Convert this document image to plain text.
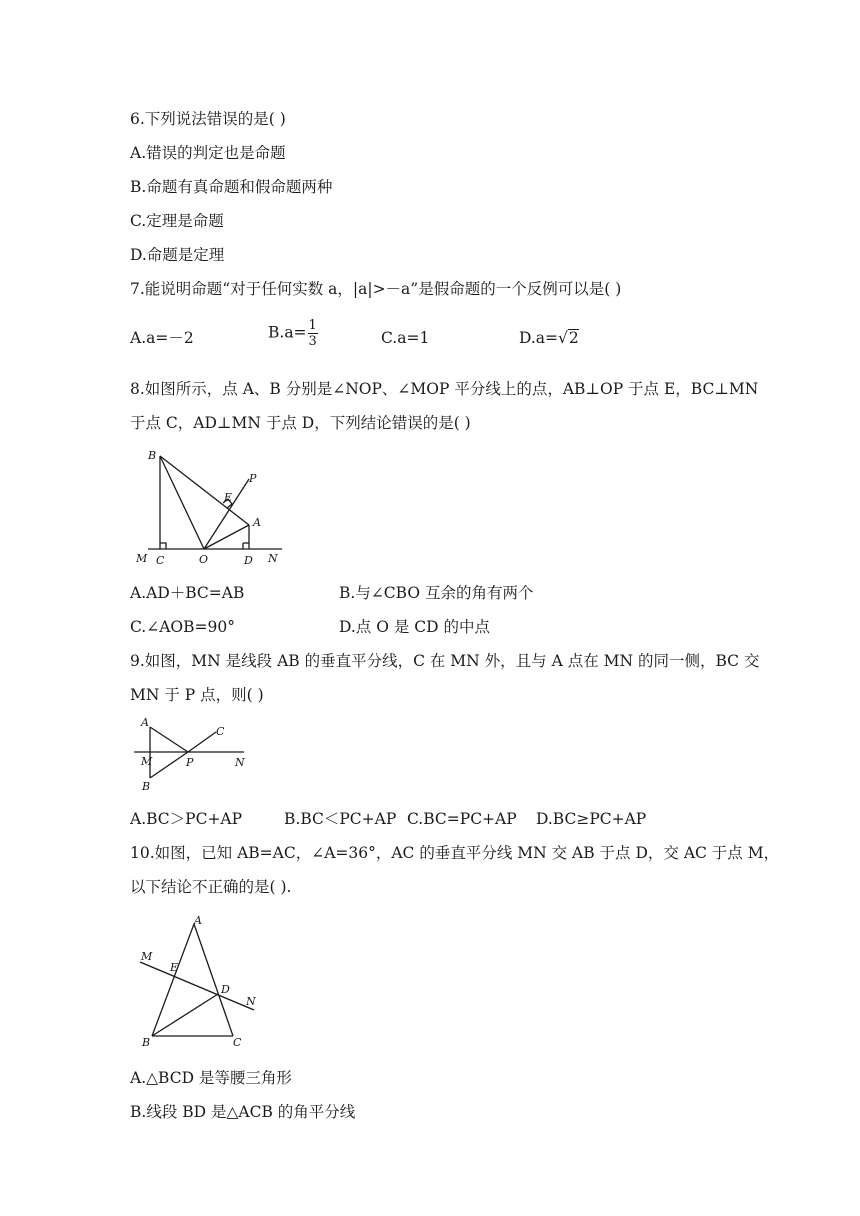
6.下列说法错误的是( )
A.错误的判定也是命题
B.命题有真命题和假命题两种
C.定理是命题
D.命题是定理
7.能说明命题“对于任何实数 a，|a|>－a”是假命题的一个反例可以是( )
A.a=－2	$B.a= \frac{1}{3}$	C.a=1	D.a=√2
8.如图所示，点 A、B 分别是∠NOP、∠MOP 平分线上的点，AB⊥OP 于点 E，BC⊥MN
于点 C，AD⊥MN 于点 D，下列结论错误的是( )
B
P
E
A
M C	O	D N
A.AD＋BC=AB	B.与∠CBO 互余的角有两个
C.∠AOB=90°	D.点 O 是 CD 的中点
9.如图，MN 是线段 AB 的垂直平分线，C 在 MN 外，且与 A 点在 MN 的同一侧，BC 交
MN 于 P 点，则( )
A
C
M	P	N
B
A.BC＞PC+AP	B.BC＜PC+AP C.BC=PC+AP D.BC≥PC+AP
10.如图，已知 AB=AC，∠A=36°，AC 的垂直平分线 MN 交 AB 于点 D，交 AC 于点 M，
以下结论不正确的是( ).
A
M
E
D
N
B	C
A.△BCD 是等腰三角形
B.线段 BD 是△ACB 的角平分线
